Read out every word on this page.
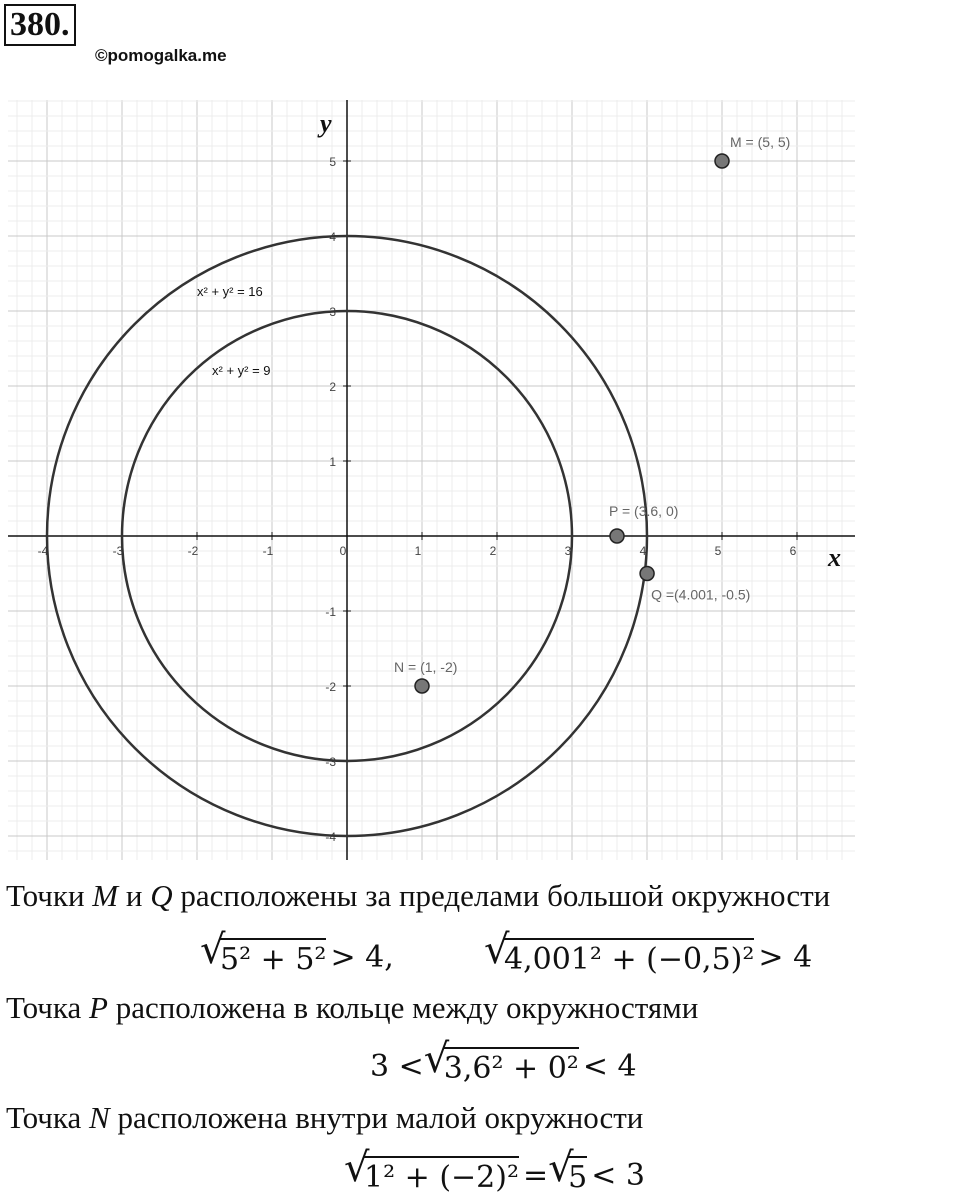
380.
©pomogalka.me
-4	-3	-2	-1	0	1	2	3	4	5	6
-4
-3
-2
-1
1
2
3
4
5
x
y
x² + y² = 16
x² + y² = 9
M = (5, 5)
P = (3.6, 0)
Q =(4.001, -0.5)
N = (1, -2)
Точки M и Q расположены за пределами большой окружности
√
5² + 5² > 4, √
4,001² + (−0,5)² > 4
Точка P расположена в кольце между окружностями
3 < √
3,6² + 0² < 4
Точка N расположена внутри малой окружности
√
1² + (−2)² = √
5 < 3
